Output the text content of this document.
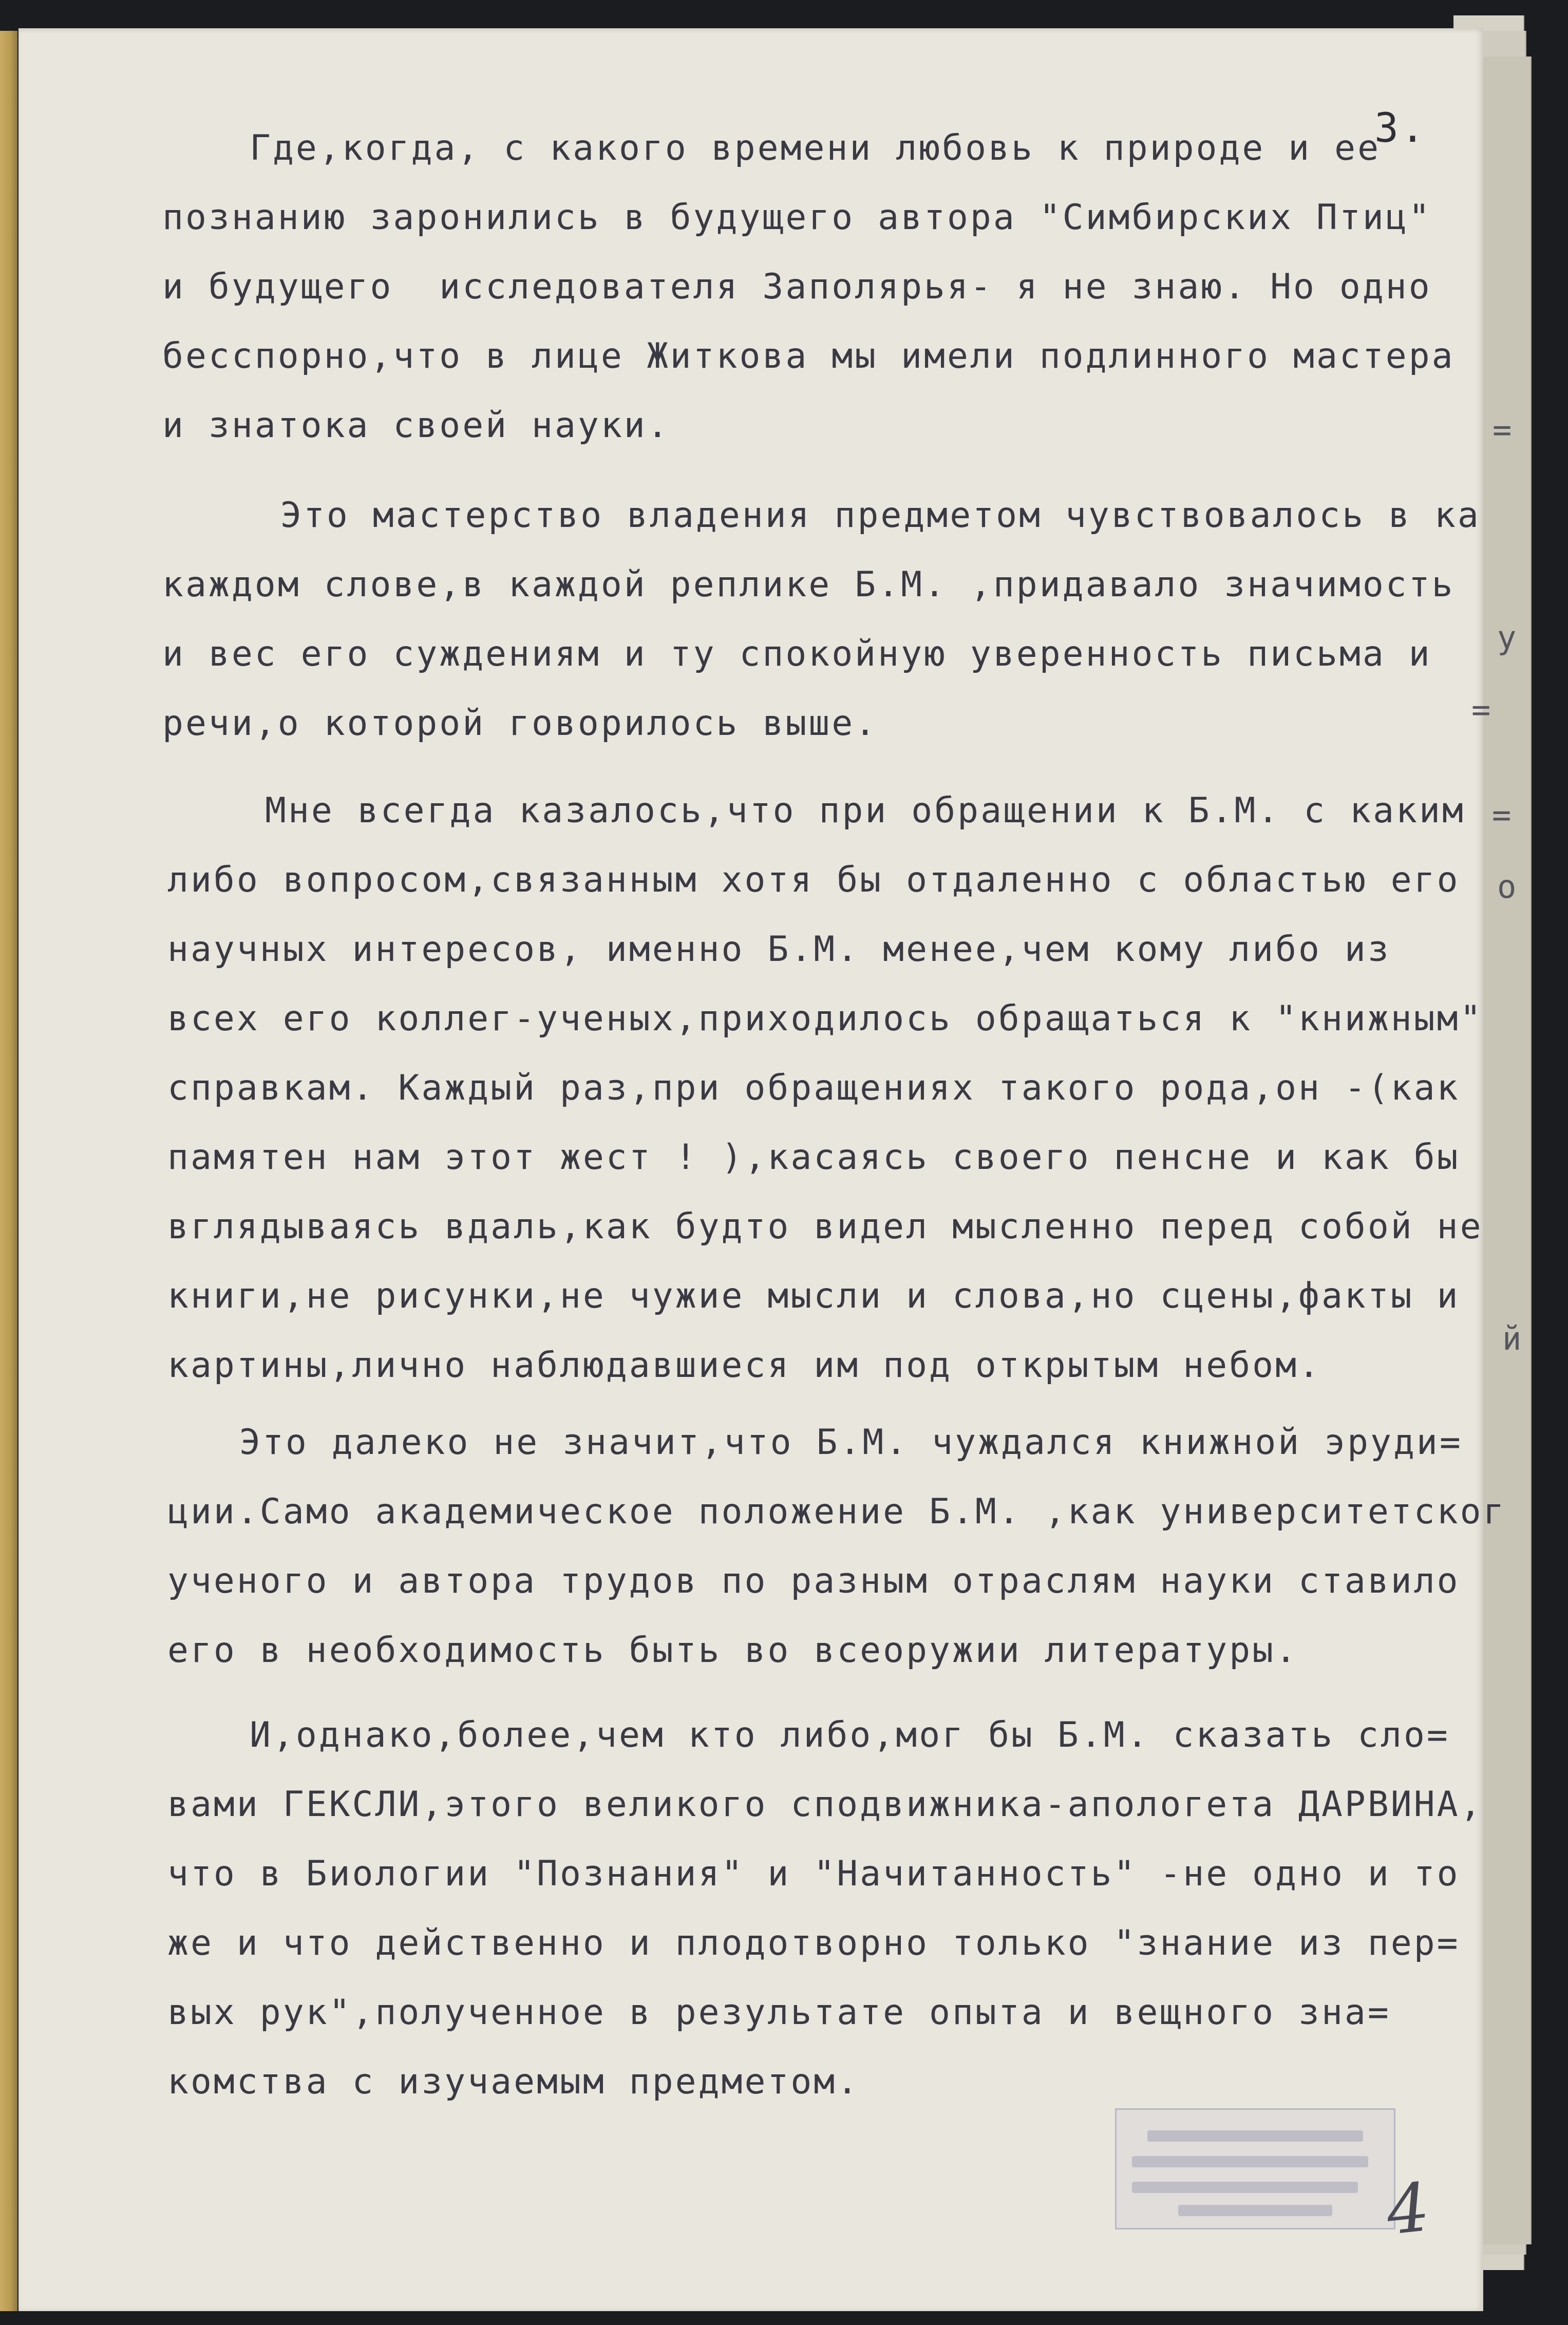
3.
Где,когда, с какого времени любовь к природе и ее
познанию заронились в будущего автора "Симбирских Птиц"
и будущего  исследователя Заполярья- я не знаю. Но одно
бесспорно,что в лице Житкова мы имели подлинного мастера
и знатока своей науки.
Это мастерство владения предметом чувствовалось в ка
каждом слове,в каждой реплике Б.М. ,придавало значимость
и вес его суждениям и ту спокойную уверенность письма и
речи,о которой говорилось выше.
Мне всегда казалось,что при обращении к Б.М. с каким
либо вопросом,связанным хотя бы отдаленно с областью его
научных интересов, именно Б.М. менее,чем кому либо из
всех его коллег-ученых,приходилось обращаться к "книжным"
справкам. Каждый раз,при обращениях такого рода,он -(как
памятен нам этот жест ! ),касаясь своего пенсне и как бы
вглядываясь вдаль,как будто видел мысленно перед собой не
книги,не рисунки,не чужие мысли и слова,но сцены,факты и
картины,лично наблюдавшиеся им под открытым небом.
Это далеко не значит,что Б.М. чуждался книжной эруди=
ции.Само академическое положение Б.М. ,как университетског
ученого и автора трудов по разным отраслям науки ставило
его в необходимость быть во всеоружии литературы.
И,однако,более,чем кто либо,мог бы Б.М. сказать сло=
вами ГЕКСЛИ,этого великого сподвижника-апологета ДАРВИНА,
что в Биологии "Познания" и "Начитанность" -не одно и то
же и что действенно и плодотворно только "знание из пер=
вых рук",полученное в результате опыта и вещного зна=
комства с изучаемым предметом.
=
у
=
=
о
й
4
